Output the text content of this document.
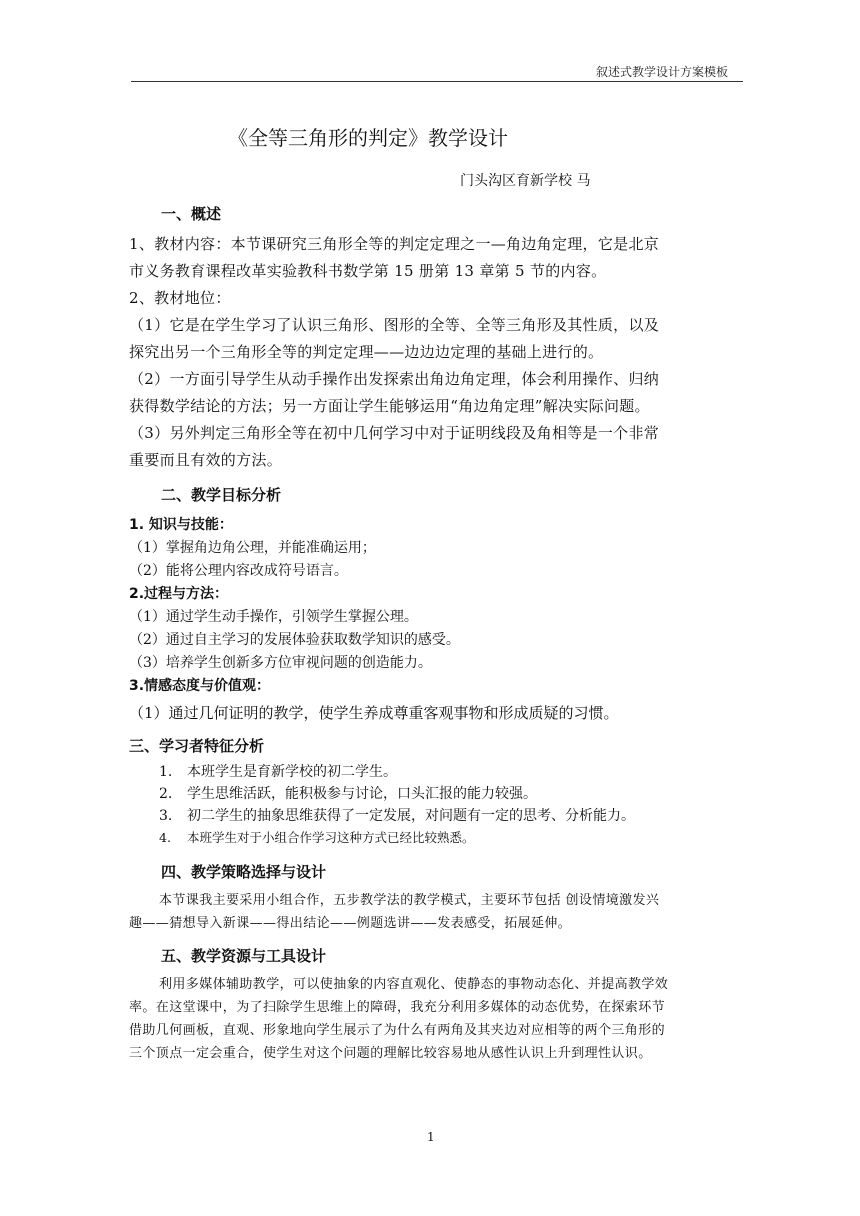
叙述式教学设计方案模板
《全等三角形的判定》教学设计
门头沟区育新学校 马

一、概述

1、教材内容：本节课研究三角形全等的判定定理之一—角边角定理，它是北京

市义务教育课程改革实验教科书数学第 15 册第 13 章第 5 节的内容。

2、教材地位：

（1）它是在学生学习了认识三角形、图形的全等、全等三角形及其性质，以及

探究出另一个三角形全等的判定定理——边边边定理的基础上进行的。

（2）一方面引导学生从动手操作出发探索出角边角定理，体会利用操作、归纳

获得数学结论的方法；另一方面让学生能够运用“角边角定理”解决实际问题。

（3）另外判定三角形全等在初中几何学习中对于证明线段及角相等是一个非常

重要而且有效的方法。

二、教学目标分析

1. 知识与技能：

（1）掌握角边角公理，并能准确运用；

（2）能将公理内容改成符号语言。

2.过程与方法：

（1）通过学生动手操作，引领学生掌握公理。

（2）通过自主学习的发展体验获取数学知识的感受。

（3）培养学生创新多方位审视问题的创造能力。

3.情感态度与价值观：

（1）通过几何证明的教学，使学生养成尊重客观事物和形成质疑的习惯。

三、学习者特征分析

1. 本班学生是育新学校的初二学生。

2. 学生思维活跃，能积极参与讨论，口头汇报的能力较强。

3. 初二学生的抽象思维获得了一定发展，对问题有一定的思考、分析能力。

4. 本班学生对于小组合作学习这种方式已经比较熟悉。

四、教学策略选择与设计

本节课我主要采用小组合作，五步教学法的教学模式，主要环节包括 创设情境激发兴

趣——猜想导入新课——得出结论——例题选讲——发表感受，拓展延伸。

五、教学资源与工具设计

利用多媒体辅助教学，可以使抽象的内容直观化、使静态的事物动态化、并提高教学效

率。在这堂课中，为了扫除学生思维上的障碍，我充分利用多媒体的动态优势，在探索环节

借助几何画板，直观、形象地向学生展示了为什么有两角及其夹边对应相等的两个三角形的

三个顶点一定会重合，使学生对这个问题的理解比较容易地从感性认识上升到理性认识。

1
